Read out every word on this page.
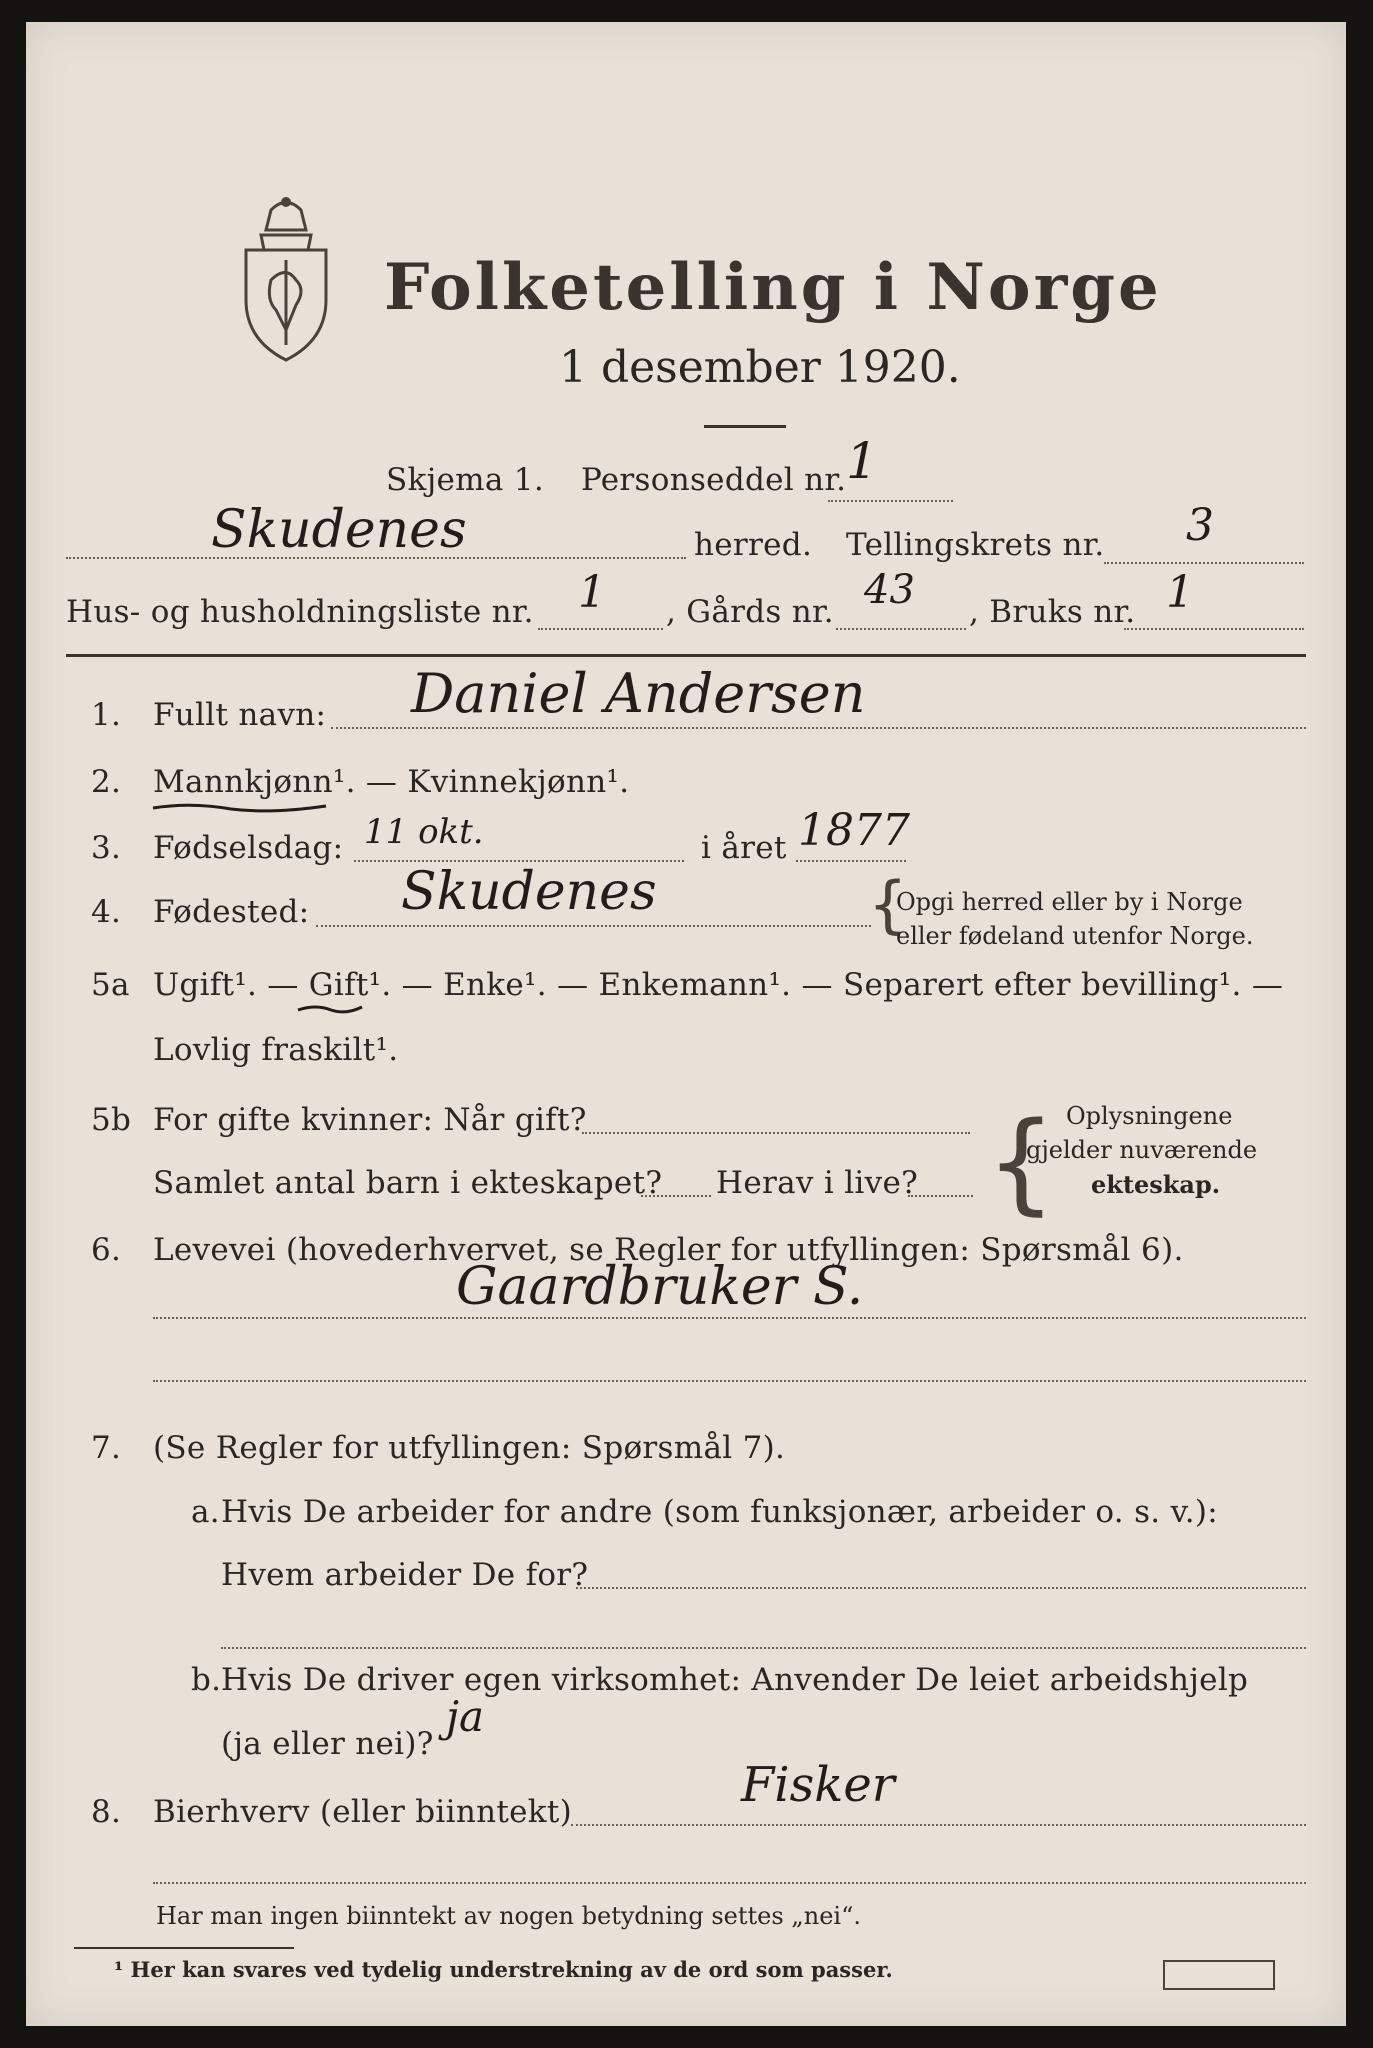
Folketelling i Norge
1 desember 1920.
Skjema 1. Personseddel nr. 1
Skudenes	herred. Tellingskrets nr. 3
Hus- og husholdningsliste nr. 1 , Gårds nr. 43 , Bruks nr. 1
1. Fullt navn: Daniel Andersen
2. Mannkjønn¹. — Kvinnekjønn¹.
3. Fødselsdag: 11 okt.	i året 1877
4. Fødested: Skudenes	{
Opgi herred eller by i Norge
eller fødeland utenfor Norge.
5a Ugift¹. — Gift¹. — Enke¹. — Enkemann¹. — Separert efter bevilling¹. —
Lovlig fraskilt¹.
5b For gifte kvinner: Når gift?
Samlet antal barn i ekteskapet? Herav i live? { Oplysningene
gjelder nuværende
ekteskap.
6. Levevei (hovederhvervet, se Regler for utfyllingen: Spørsmål 6).
Gaardbruker S.
7. (Se Regler for utfyllingen: Spørsmål 7).
a. Hvis De arbeider for andre (som funksjonær, arbeider o. s. v.):
Hvem arbeider De for?
b. Hvis De driver egen virksomhet: Anvender De leiet arbeidshjelp
(ja eller nei)?
ja
8. Bierhverv (eller biinntekt)	Fisker
Har man ingen biinntekt av nogen betydning settes „nei“.
¹ Her kan svares ved tydelig understrekning av de ord som passer.
